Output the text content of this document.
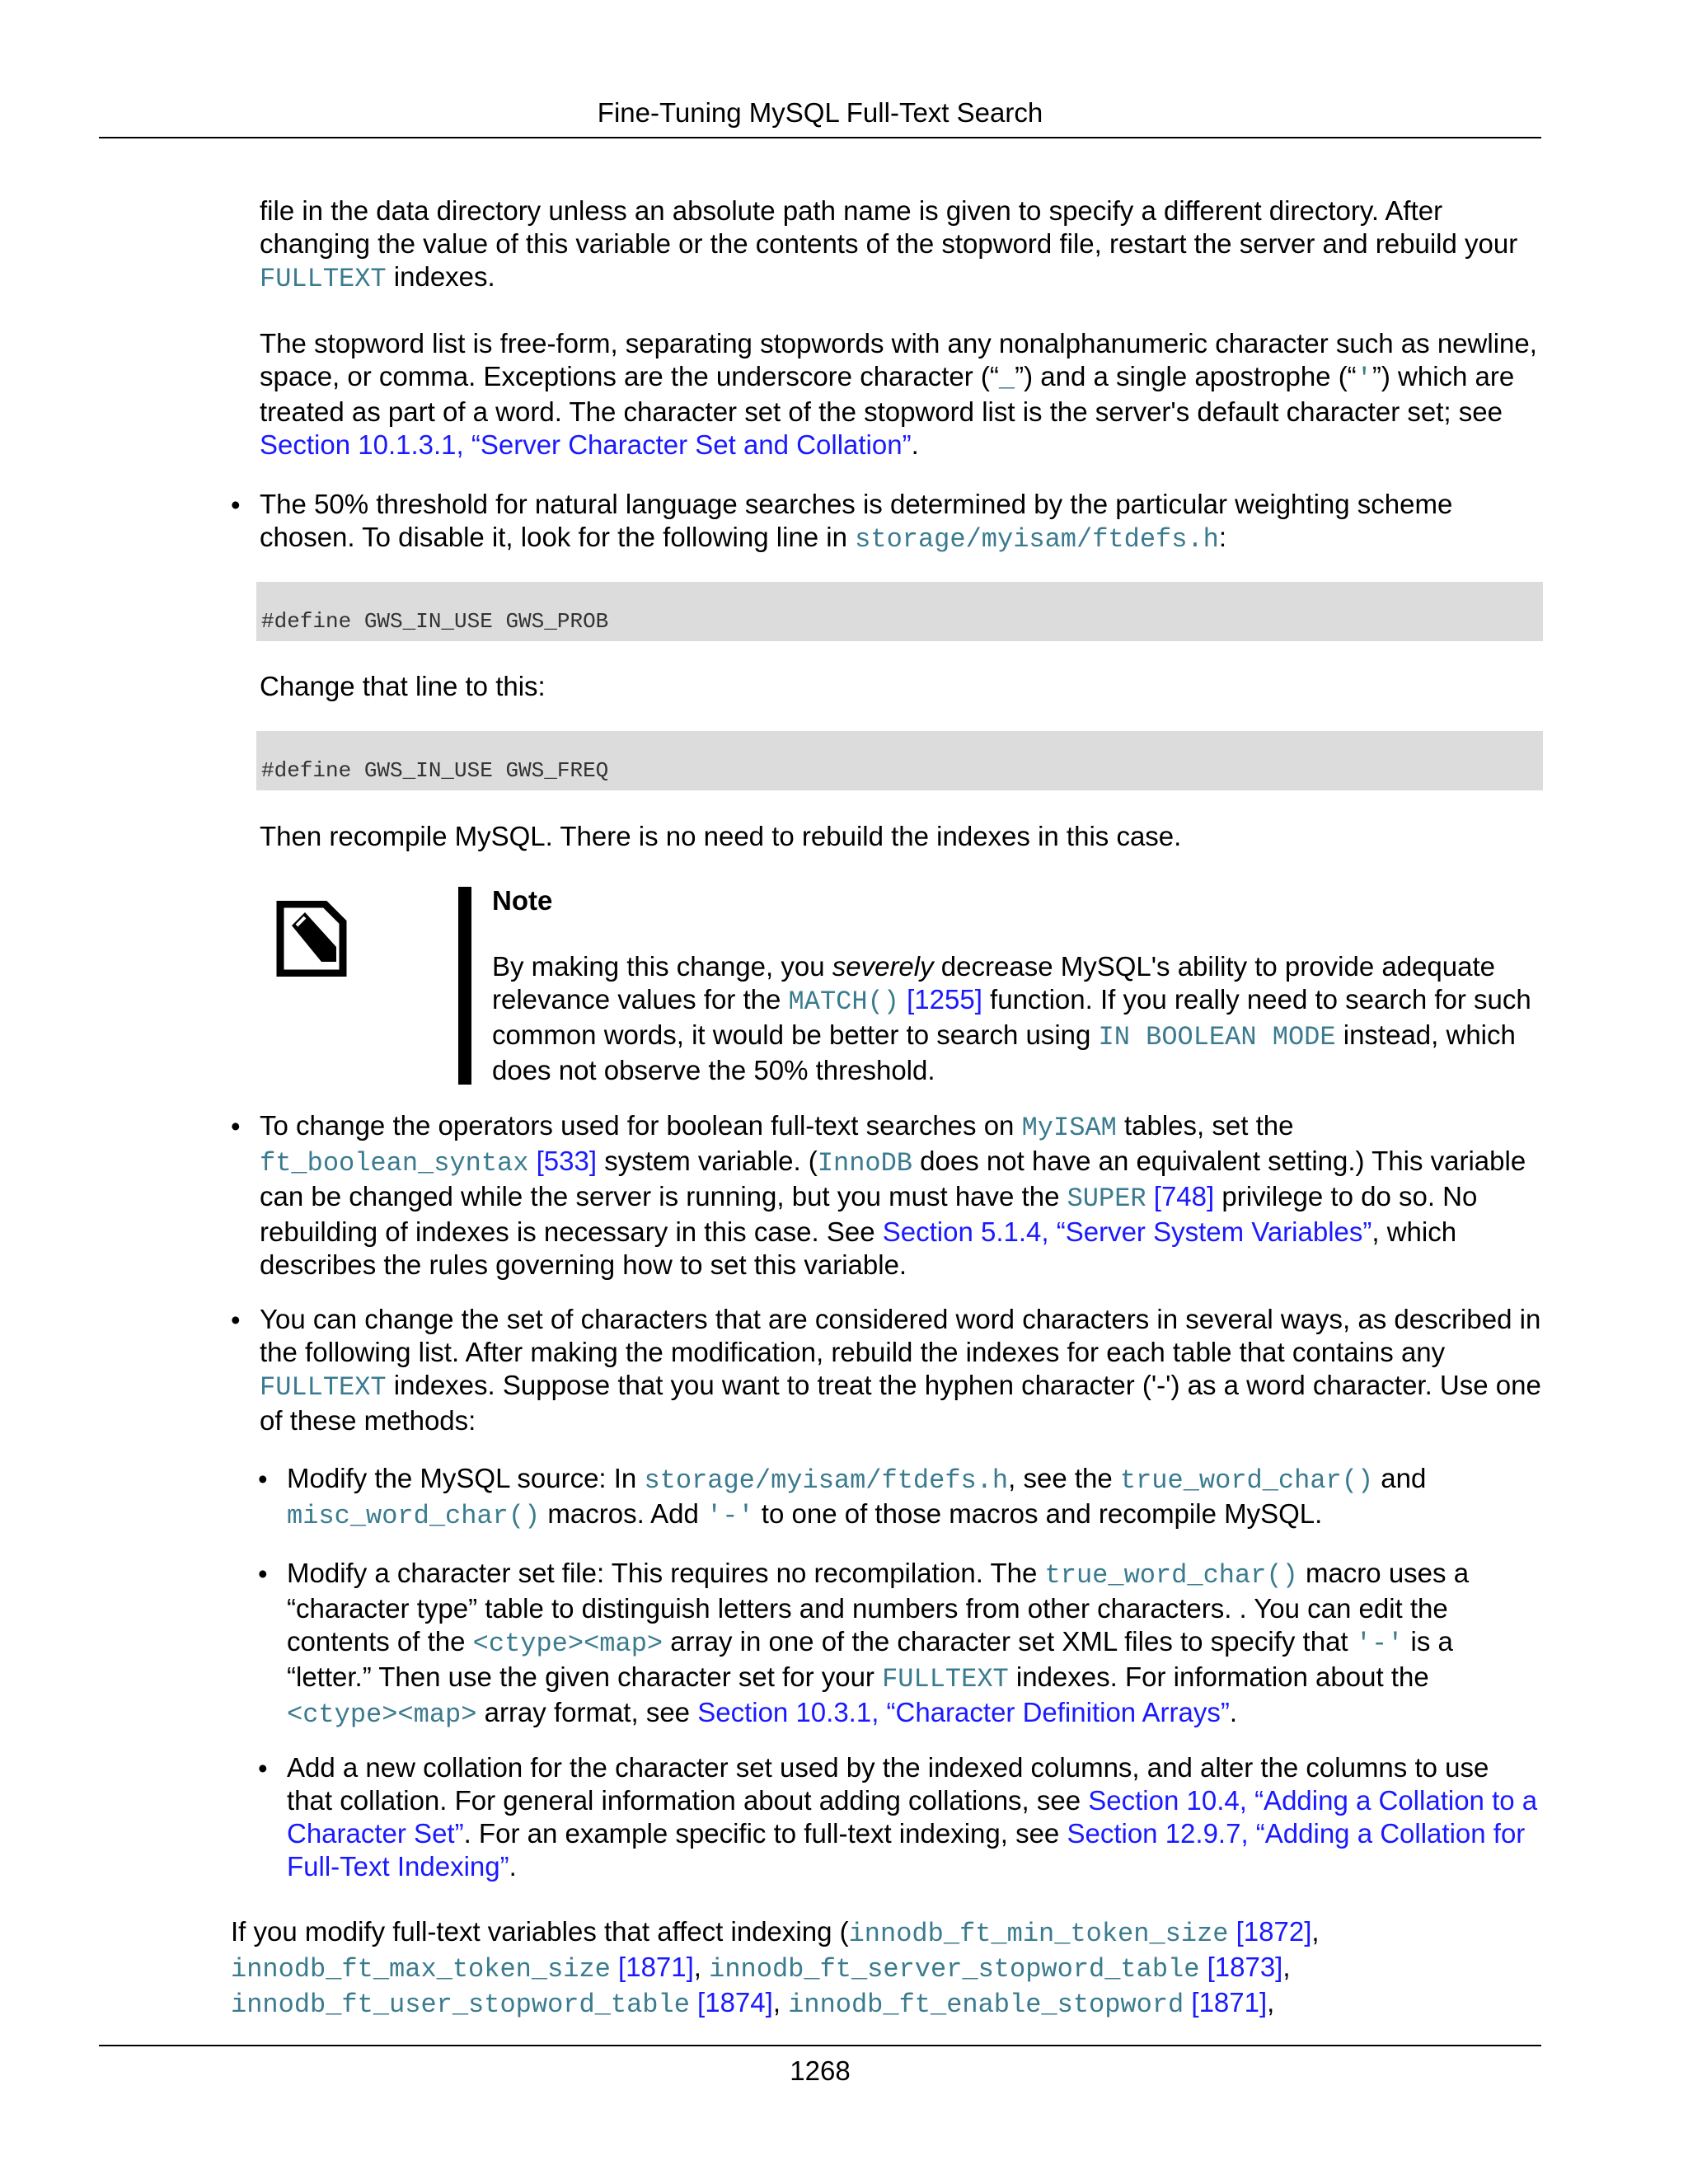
Fine-Tuning MySQL Full-Text Search

file in the data directory unless an absolute path name is given to specify a different directory. After changing the value of this variable or the contents of the stopword file, restart the server and rebuild your FULLTEXT indexes.

The stopword list is free-form, separating stopwords with any nonalphanumeric character such as newline, space, or comma. Exceptions are the underscore character (“_”) and a single apostrophe (“'”) which are treated as part of a word. The character set of the stopword list is the server's default character set; see Section 10.1.3.1, “Server Character Set and Collation”.

• The 50% threshold for natural language searches is determined by the particular weighting scheme chosen. To disable it, look for the following line in storage/myisam/ftdefs.h:

#define GWS_IN_USE GWS_PROB

Change that line to this:

#define GWS_IN_USE GWS_FREQ

Then recompile MySQL. There is no need to rebuild the indexes in this case.

Note

By making this change, you severely decrease MySQL's ability to provide adequate relevance values for the MATCH() [1255] function. If you really need to search for such common words, it would be better to search using IN BOOLEAN MODE instead, which does not observe the 50% threshold.

• To change the operators used for boolean full-text searches on MyISAM tables, set the ft_boolean_syntax [533] system variable. (InnoDB does not have an equivalent setting.) This variable can be changed while the server is running, but you must have the SUPER [748] privilege to do so. No rebuilding of indexes is necessary in this case. See Section 5.1.4, “Server System Variables”, which describes the rules governing how to set this variable.

• You can change the set of characters that are considered word characters in several ways, as described in the following list. After making the modification, rebuild the indexes for each table that contains any FULLTEXT indexes. Suppose that you want to treat the hyphen character ('-') as a word character. Use one of these methods:

• Modify the MySQL source: In storage/myisam/ftdefs.h, see the true_word_char() and misc_word_char() macros. Add '-' to one of those macros and recompile MySQL.

• Modify a character set file: This requires no recompilation. The true_word_char() macro uses a “character type” table to distinguish letters and numbers from other characters. . You can edit the contents of the <ctype><map> array in one of the character set XML files to specify that '-' is a “letter.” Then use the given character set for your FULLTEXT indexes. For information about the <ctype><map> array format, see Section 10.3.1, “Character Definition Arrays”.

• Add a new collation for the character set used by the indexed columns, and alter the columns to use that collation. For general information about adding collations, see Section 10.4, “Adding a Collation to a Character Set”. For an example specific to full-text indexing, see Section 12.9.7, “Adding a Collation for Full-Text Indexing”.

If you modify full-text variables that affect indexing (innodb_ft_min_token_size [1872],
innodb_ft_max_token_size [1871], innodb_ft_server_stopword_table [1873],
innodb_ft_user_stopword_table [1874], innodb_ft_enable_stopword [1871],

1268
